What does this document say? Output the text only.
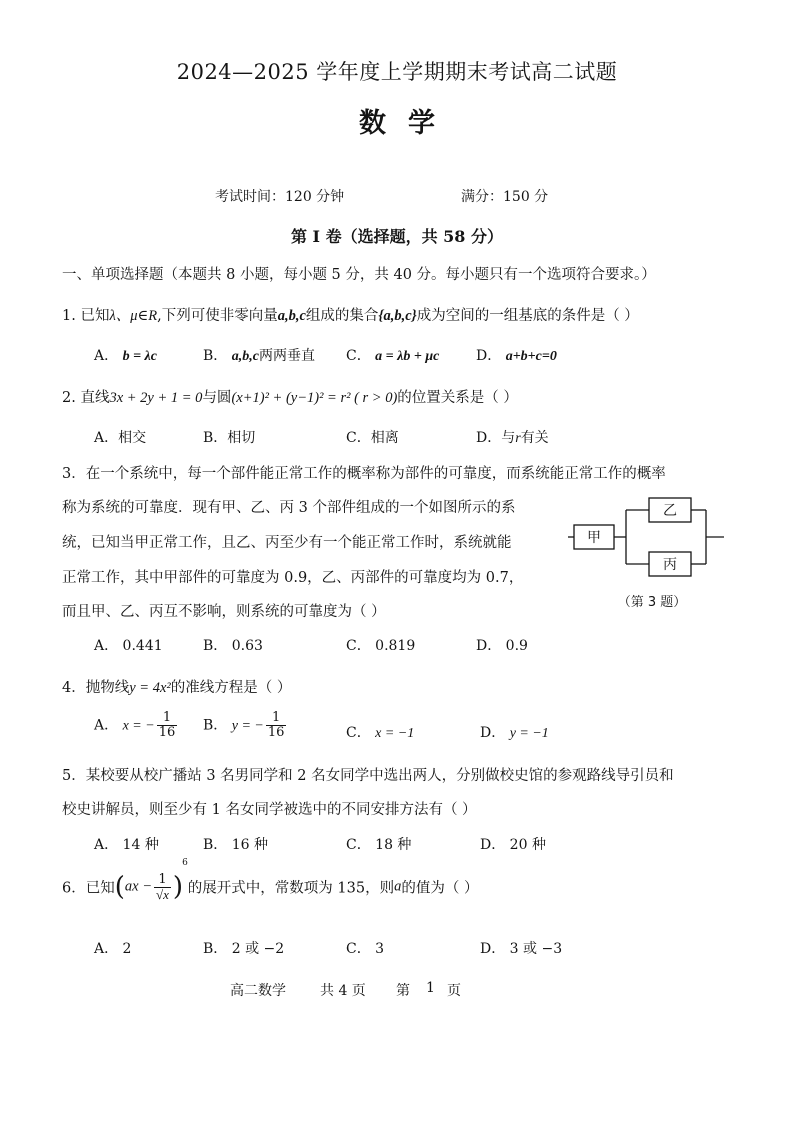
2024—2025 学年度上学期期末考试高二试题
数学
考试时间：120 分钟	满分：150 分
第 I 卷（选择题，共 58 分）
一、单项选择题（本题共 8 小题，每小题 5 分，共 40 分。每小题只有一个选项符合要求。）
1. 已知λ、μ∈R,下列可使非零向量a,b,c组成的集合{a,b,c}成为空间的一组基底的条件是（ ）
A． b = λc	B． a,b,c两两垂直 C． a = λb + μc	D． a+b+c=0
2. 直线3x + 2y + 1 = 0与圆(x+1)² + (y−1)² = r² ( r > 0)的位置关系是（ ）
A．相交	B．相切	C．相离	D．与r有关
3．在一个系统中，每一个部件能正常工作的概率称为部件的可靠度，而系统能正常工作的概率
称为系统的可靠度．现有甲、乙、丙 3 个部件组成的一个如图所示的系
统，已知当甲正常工作，且乙、丙至少有一个能正常工作时，系统就能
正常工作，其中甲部件的可靠度为 0.9，乙、丙部件的可靠度均为 0.7，
而且甲、乙、丙互不影响，则系统的可靠度为（ ）
甲
乙
丙
（第 3 题）
A． 0.441	B． 0.63	C． 0.819	D． 0.9
4．抛物线y = 4x²的准线方程是（ ）
A． x = − $\frac{1}{16}$ B． y = − $\frac{1}{16}$	C． x = −1	D． y = −1
5．某校要从校广播站 3 名男同学和 2 名女同学中选出两人，分别做校史馆的参观路线导引员和
校史讲解员，则至少有 1 名女同学被选中的不同安排方法有（ ）
A． 14 种	B． 16 种	C． 18 种	D． 20 种
6．已知$(ax - \frac{1}{√x} )^6$的展开式中，常数项为 135，则a的值为（ ）
A． 2	B． 2 或 −2	C． 3	D． 3 或 −3
高二数学 共 4 页 第 1 页
